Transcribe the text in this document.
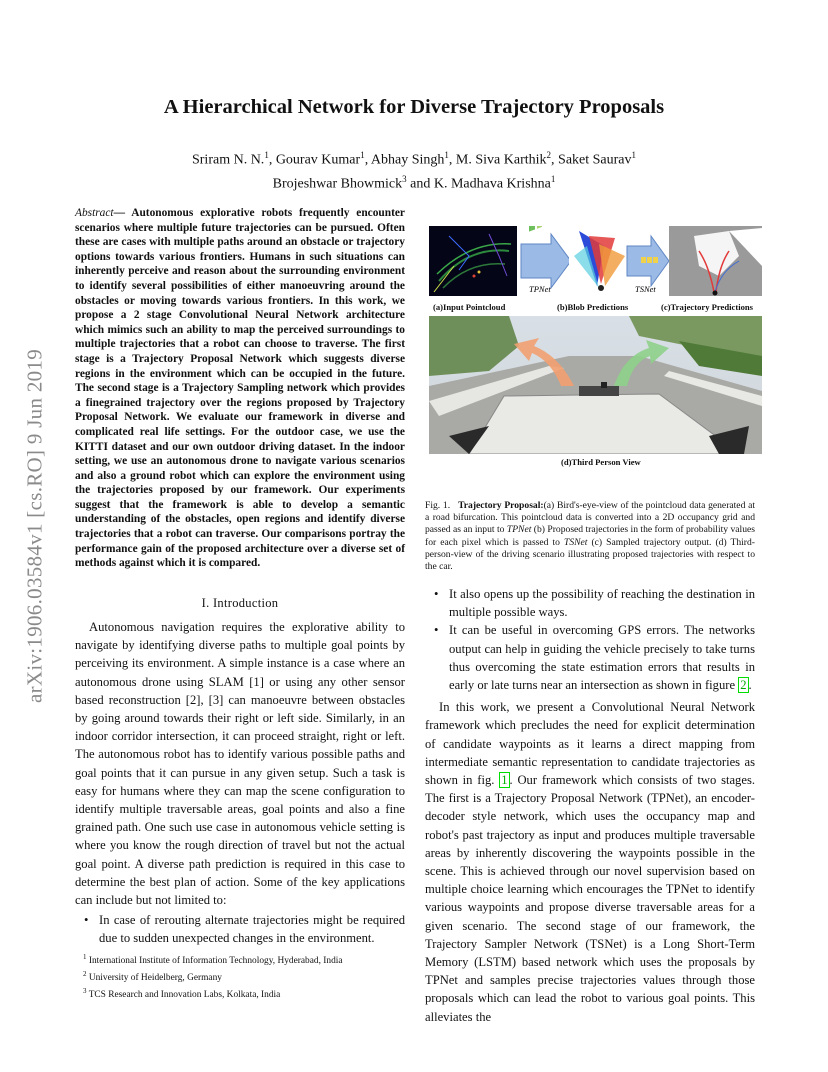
arXiv:1906.03584v1 [cs.RO] 9 Jun 2019
A Hierarchical Network for Diverse Trajectory Proposals
Sriram N. N.$^1$, Gourav Kumar$^1$, Abhay Singh$^1$, M. Siva Karthik$^2$, Saket Saurav$^1$
Brojeshwar Bhowmick$^3$ and K. Madhava Krishna$^1$
Abstract— Autonomous explorative robots frequently encounter scenarios where multiple future trajectories can be pursued. Often these are cases with multiple paths around an obstacle or trajectory options towards various frontiers. Humans in such situations can inherently perceive and reason about the surrounding environment to identify several possibilities of either manoeuvring around the obstacles or moving towards various frontiers. In this work, we propose a 2 stage Convolutional Neural Network architecture which mimics such an ability to map the perceived surroundings to multiple trajectories that a robot can choose to traverse. The first stage is a Trajectory Proposal Network which suggests diverse regions in the environment which can be occupied in the future. The second stage is a Trajectory Sampling network which provides a finegrained trajectory over the regions proposed by Trajectory Proposal Network. We evaluate our framework in diverse and complicated real life settings. For the outdoor case, we use the KITTI dataset and our own outdoor driving dataset. In the indoor setting, we use an autonomous drone to navigate various scenarios and also a ground robot which can explore the environment using the trajectories proposed by our framework. Our experiments suggest that the framework is able to develop a semantic understanding of the obstacles, open regions and identify diverse trajectories that a robot can traverse. Our comparisons portray the performance gain of the proposed architecture over a diverse set of methods against which it is compared.
I. Introduction

Autonomous navigation requires the explorative ability to navigate by identifying diverse paths to multiple goal points by perceiving its environment. A simple instance is a case where an autonomous drone using SLAM [1] or using any other sensor based reconstruction [2], [3] can manoeuvre between obstacles by going around towards their right or left side. Similarly, in an indoor corridor intersection, it can proceed straight, right or left. The autonomous robot has to identify various possible paths and goal points that it can pursue in any given setup. Such a task is easy for humans where they can map the scene configuration to identify multiple traversable areas, goal points and also a fine grained path. One such use case in autonomous vehicle setting is where you know the rough direction of travel but not the actual goal point. A diverse path prediction is required in this case to determine the best plan of action. Some of the key applications can include but not limited to:

• In case of rerouting alternate trajectories might be required due to sudden unexpected changes in the environment.
$^1$ International Institute of Information Technology, Hyderabad, India
$^2$ University of Heidelberg, Germany
$^3$ TCS Research and Innovation Labs, Kolkata, India
TPNet	TSNet
(a)Input Pointcloud	(b)Blob Predictions	(c)Trajectory Predictions
(d)Third Person View
Fig. 1. Trajectory Proposal:(a) Bird's-eye-view of the pointcloud data generated at a road bifurcation. This pointcloud data is converted into a 2D occupancy grid and passed as an input to TPNet (b) Proposed trajectories in the form of probability values for each pixel which is passed to TSNet (c) Sampled trajectory output. (d) Third-person-view of the driving scenario illustrating proposed trajectories with respect to the car.
• It also opens up the possibility of reaching the destination in multiple possible ways.
• It can be useful in overcoming GPS errors. The networks output can help in guiding the vehicle precisely to take turns thus overcoming the state estimation errors that results in early or late turns near an intersection as shown in figure 2 .

In this work, we present a Convolutional Neural Network framework which precludes the need for explicit determination of candidate waypoints as it learns a direct mapping from intermediate semantic representation to candidate trajectories as shown in fig. 1 . Our framework which consists of two stages. The first is a Trajectory Proposal Network (TPNet), an encoder-decoder style network, which uses the occupancy map and robot's past trajectory as input and produces multiple traversable areas by inherently discovering the waypoints possible in the scene. This is achieved through our novel supervision based on multiple choice learning which encourages the TPNet to identify various waypoints and propose diverse traversable areas for a given scenario. The second stage of our framework, the Trajectory Sampler Network (TSNet) is a Long Short-Term Memory (LSTM) based network which uses the proposals by TPNet and samples precise trajectories values through those proposals which can lead the robot to various goal points. This alleviates the
